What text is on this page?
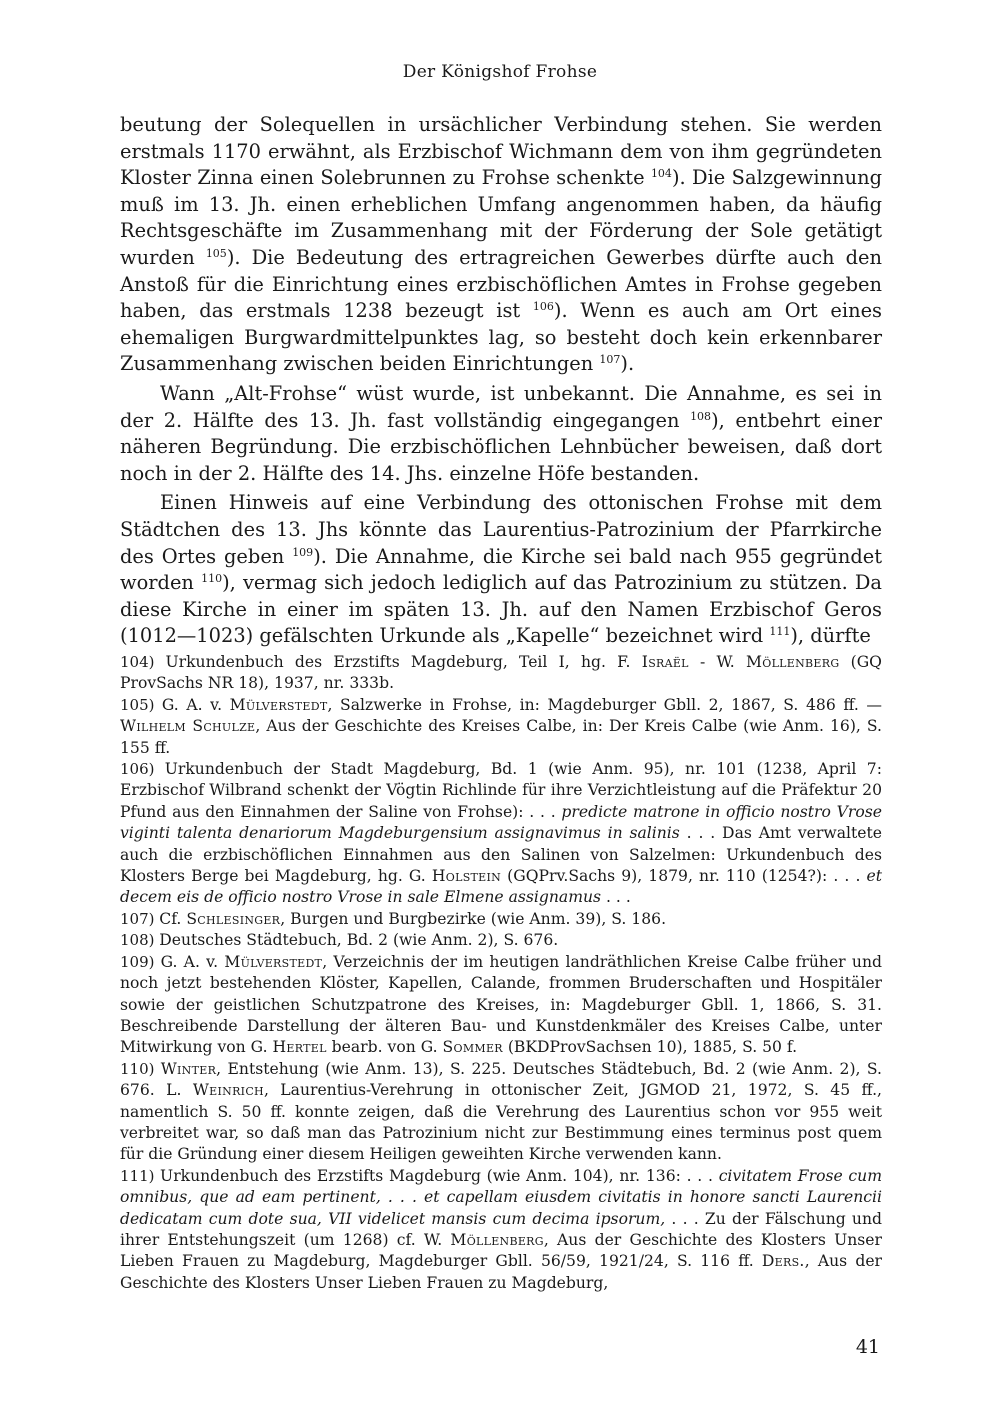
Der Königshof Frohse

beutung der Solequellen in ursächlicher Verbindung stehen. Sie werden erstmals 1170 erwähnt, als Erzbischof Wichmann dem von ihm gegründeten Kloster Zinna einen Solebrunnen zu Frohse schenkte $^{104}$). Die Salzgewinnung muß im 13. Jh. einen erheblichen Umfang angenommen haben, da häufig Rechtsgeschäfte im Zusammenhang mit der Förderung der Sole getätigt wurden $^{105}$). Die Bedeutung des ertragreichen Gewerbes dürfte auch den Anstoß für die Einrichtung eines erzbischöflichen Amtes in Frohse gegeben haben, das erstmals 1238 bezeugt ist $^{106}$). Wenn es auch am Ort eines ehemaligen Burgwardmittelpunktes lag, so besteht doch kein erkennbarer Zusammenhang zwischen beiden Einrichtungen $^{107}$).

Wann „Alt-Frohse“ wüst wurde, ist unbekannt. Die Annahme, es sei in der 2. Hälfte des 13. Jh. fast vollständig eingegangen $^{108}$), entbehrt einer näheren Begründung. Die erzbischöflichen Lehnbücher beweisen, daß dort noch in der 2. Hälfte des 14. Jhs. einzelne Höfe bestanden.

Einen Hinweis auf eine Verbindung des ottonischen Frohse mit dem Städtchen des 13. Jhs könnte das Laurentius-Patrozinium der Pfarrkirche des Ortes geben $^{109}$). Die Annahme, die Kirche sei bald nach 955 gegründet worden $^{110}$), vermag sich jedoch lediglich auf das Patrozinium zu stützen. Da diese Kirche in einer im späten 13. Jh. auf den Namen Erzbischof Geros (1012—1023) gefälschten Urkunde als „Kapelle“ bezeichnet wird $^{111}$), dürfte

104) Urkundenbuch des Erzstifts Magdeburg, Teil I, hg. F. Israël - W. Möllenberg (GQ ProvSachs NR 18), 1937, nr. 333b.

105) G. A. v. Mülverstedt, Salzwerke in Frohse, in: Magdeburger Gbll. 2, 1867, S. 486 ff. — Wilhelm Schulze, Aus der Geschichte des Kreises Calbe, in: Der Kreis Calbe (wie Anm. 16), S. 155 ff.

106) Urkundenbuch der Stadt Magdeburg, Bd. 1 (wie Anm. 95), nr. 101 (1238, April 7: Erzbischof Wilbrand schenkt der Vögtin Richlinde für ihre Verzichtleistung auf die Präfektur 20 Pfund aus den Einnahmen der Saline von Frohse): . . . predicte matrone in officio nostro Vrose viginti talenta denariorum Magdeburgensium assignavimus in salinis . . . Das Amt verwaltete auch die erzbischöflichen Einnahmen aus den Salinen von Salzelmen: Urkundenbuch des Klosters Berge bei Magdeburg, hg. G. Holstein (GQPrv.Sachs 9), 1879, nr. 110 (1254?): . . . et decem eis de officio nostro Vrose in sale Elmene assignamus . . .

107) Cf. Schlesinger, Burgen und Burgbezirke (wie Anm. 39), S. 186.

108) Deutsches Städtebuch, Bd. 2 (wie Anm. 2), S. 676.

109) G. A. v. Mülverstedt, Verzeichnis der im heutigen landräthlichen Kreise Calbe früher und noch jetzt bestehenden Klöster, Kapellen, Calande, frommen Bruderschaften und Hospitäler sowie der geistlichen Schutzpatrone des Kreises, in: Magdeburger Gbll. 1, 1866, S. 31. Beschreibende Darstellung der älteren Bau- und Kunstdenkmäler des Kreises Calbe, unter Mitwirkung von G. Hertel bearb. von G. Sommer (BKDProvSachsen 10), 1885, S. 50 f.

110) Winter, Entstehung (wie Anm. 13), S. 225. Deutsches Städtebuch, Bd. 2 (wie Anm. 2), S. 676. L. Weinrich, Laurentius-Verehrung in ottonischer Zeit, JGMOD 21, 1972, S. 45 ff., namentlich S. 50 ff. konnte zeigen, daß die Verehrung des Laurentius schon vor 955 weit verbreitet war, so daß man das Patrozinium nicht zur Bestimmung eines terminus post quem für die Gründung einer diesem Heiligen geweihten Kirche verwenden kann.

111) Urkundenbuch des Erzstifts Magdeburg (wie Anm. 104), nr. 136: . . . civitatem Frose cum omnibus, que ad eam pertinent, . . . et capellam eiusdem civitatis in honore sancti Laurencii dedicatam cum dote sua, VII videlicet mansis cum decima ipsorum, . . . Zu der Fälschung und ihrer Entstehungszeit (um 1268) cf. W. Möllenberg, Aus der Geschichte des Klosters Unser Lieben Frauen zu Magdeburg, Magdeburger Gbll. 56/59, 1921/24, S. 116 ff. Ders., Aus der Geschichte des Klosters Unser Lieben Frauen zu Magdeburg,

41
